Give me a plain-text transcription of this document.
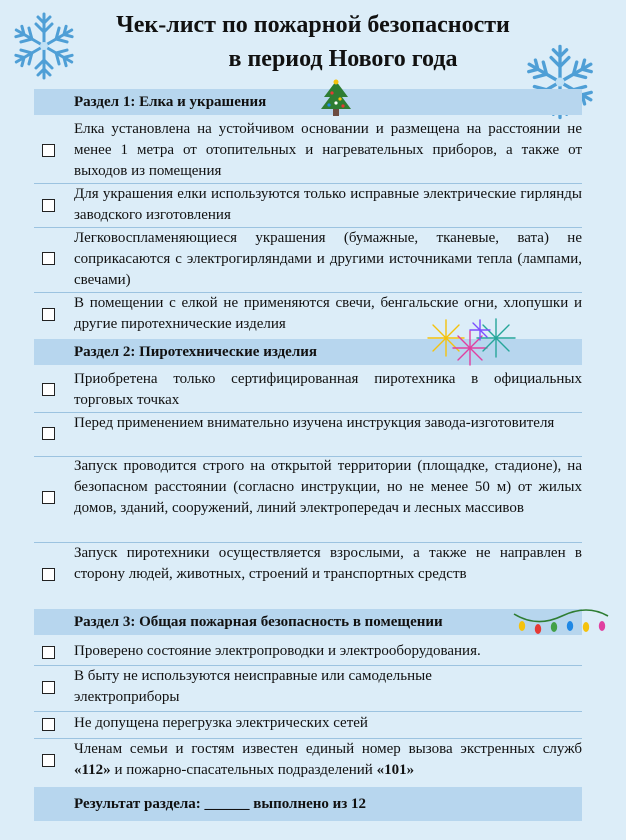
Чек-лист по пожарной безопасности
в период Нового года
Раздел 1: Елка и украшения
Елка установлена на устойчивом основании и размещена на расстоянии не менее 1 метра от отопительных и нагревательных приборов, а также от выходов из помещения
Для украшения елки используются только исправные электрические гирлянды заводского изготовления
Легковоспламеняющиеся украшения (бумажные, тканевые, вата) не соприкасаются с электрогирляндами и другими источниками тепла (лампами, свечами)
В помещении с елкой не применяются свечи, бенгальские огни, хлопушки и другие пиротехнические изделия
Раздел 2: Пиротехнические изделия
Приобретена только сертифицированная пиротехника в официальных торговых точках
Перед применением внимательно изучена инструкция завода-изготовителя
Запуск проводится строго на открытой территории (площадке, стадионе), на безопасном расстоянии (согласно инструкции, но не менее 50 м) от жилых домов, зданий, сооружений, линий электропередач и лесных массивов
Запуск пиротехники осуществляется взрослыми, а также не направлен в сторону людей, животных, строений и транспортных средств
Раздел 3: Общая пожарная безопасность в помещении
Проверено состояние электропроводки и электрооборудования.
В быту не используются неисправные или самодельные электроприборы
Не допущена перегрузка электрических сетей
Членам семьи и гостям известен единый номер вызова экстренных служб «112» и пожарно-спасательных подразделений «101»
Результат раздела: ______ выполнено из 12
